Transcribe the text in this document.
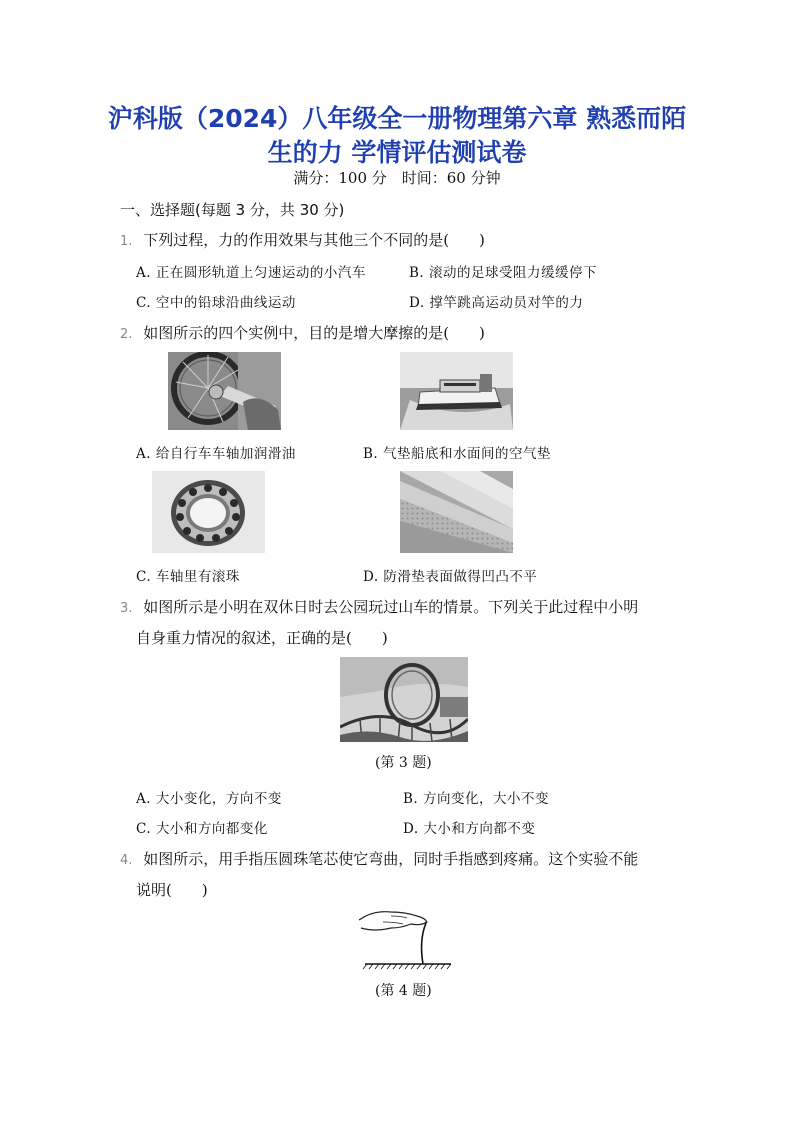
沪科版（2024）八年级全一册物理第六章 熟悉而陌
生的力 学情评估测试卷
满分：100 分　时间：60 分钟
一、选择题(每题 3 分，共 30 分)
1. 下列过程，力的作用效果与其他三个不同的是(　　)
A. 正在圆形轨道上匀速运动的小汽车	B. 滚动的足球受阻力缓缓停下
C. 空中的铅球沿曲线运动	D. 撑竿跳高运动员对竿的力
2. 如图所示的四个实例中，目的是增大摩擦的是(　　)
A. 给自行车车轴加润滑油	B. 气垫船底和水面间的空气垫
C. 车轴里有滚珠	D. 防滑垫表面做得凹凸不平
3. 如图所示是小明在双休日时去公园玩过山车的情景。下列关于此过程中小明
自身重力情况的叙述，正确的是(　　)
(第 3 题)
A. 大小变化，方向不变	B. 方向变化，大小不变
C. 大小和方向都变化	D. 大小和方向都不变
4. 如图所示，用手指压圆珠笔芯使它弯曲，同时手指感到疼痛。这个实验不能
说明(　　)
(第 4 题)
